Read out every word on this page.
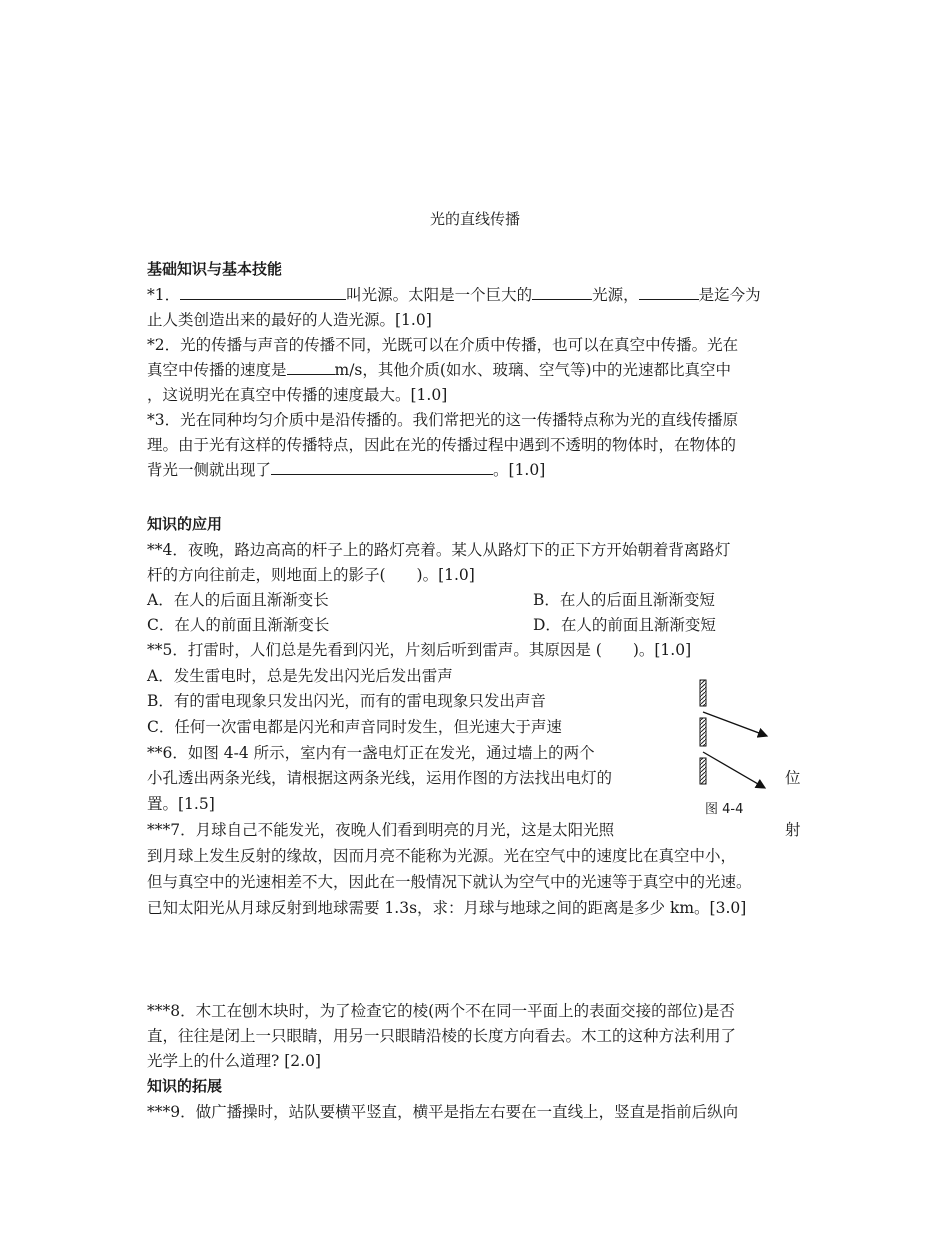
光的直线传播
基础知识与基本技能
*1．	叫光源。太阳是一个巨大的	光源，	是迄今为
止人类创造出来的最好的人造光源。[1.0]
*2．光的传播与声音的传播不同，光既可以在介质中传播，也可以在真空中传播。光在
真空中传播的速度是	m/s，其他介质(如水、玻璃、空气等)中的光速都比真空中
，这说明光在真空中传播的速度最大。[1.0]
*3．光在同种均匀介质中是沿传播的。我们常把光的这一传播特点称为光的直线传播原
理。由于光有这样的传播特点，因此在光的传播过程中遇到不透明的物体时，在物体的
背光一侧就出现了	。[1.0]
知识的应用
**4．夜晚，路边高高的杆子上的路灯亮着。某人从路灯下的正下方开始朝着背离路灯
杆的方向往前走，则地面上的影子(　　)。[1.0]
A．在人的后面且渐渐变长	B．在人的后面且渐渐变短
C．在人的前面且渐渐变长	D．在人的前面且渐渐变短
**5．打雷时，人们总是先看到闪光，片刻后听到雷声。其原因是 (　　)。[1.0]
A．发生雷电时，总是先发出闪光后发出雷声
B．有的雷电现象只发出闪光，而有的雷电现象只发出声音
C．任何一次雷电都是闪光和声音同时发生，但光速大于声速
**6．如图 4-4 所示，室内有一盏电灯正在发光，通过墙上的两个
小孔透出两条光线，请根据这两条光线，运用作图的方法找出电灯的	位
置。[1.5]	图 4-4
***7．月球自己不能发光，夜晚人们看到明亮的月光，这是太阳光照	射
到月球上发生反射的缘故，因而月亮不能称为光源。光在空气中的速度比在真空中小，
但与真空中的光速相差不大，因此在一般情况下就认为空气中的光速等于真空中的光速。
已知太阳光从月球反射到地球需要 1.3s，求：月球与地球之间的距离是多少 km。[3.0]
***8．木工在刨木块时，为了检查它的棱(两个不在同一平面上的表面交接的部位)是否
直，往往是闭上一只眼睛，用另一只眼睛沿棱的长度方向看去。木工的这种方法利用了
光学上的什么道理? [2.0]
知识的拓展
***9．做广播操时，站队要横平竖直，横平是指左右要在一直线上，竖直是指前后纵向
